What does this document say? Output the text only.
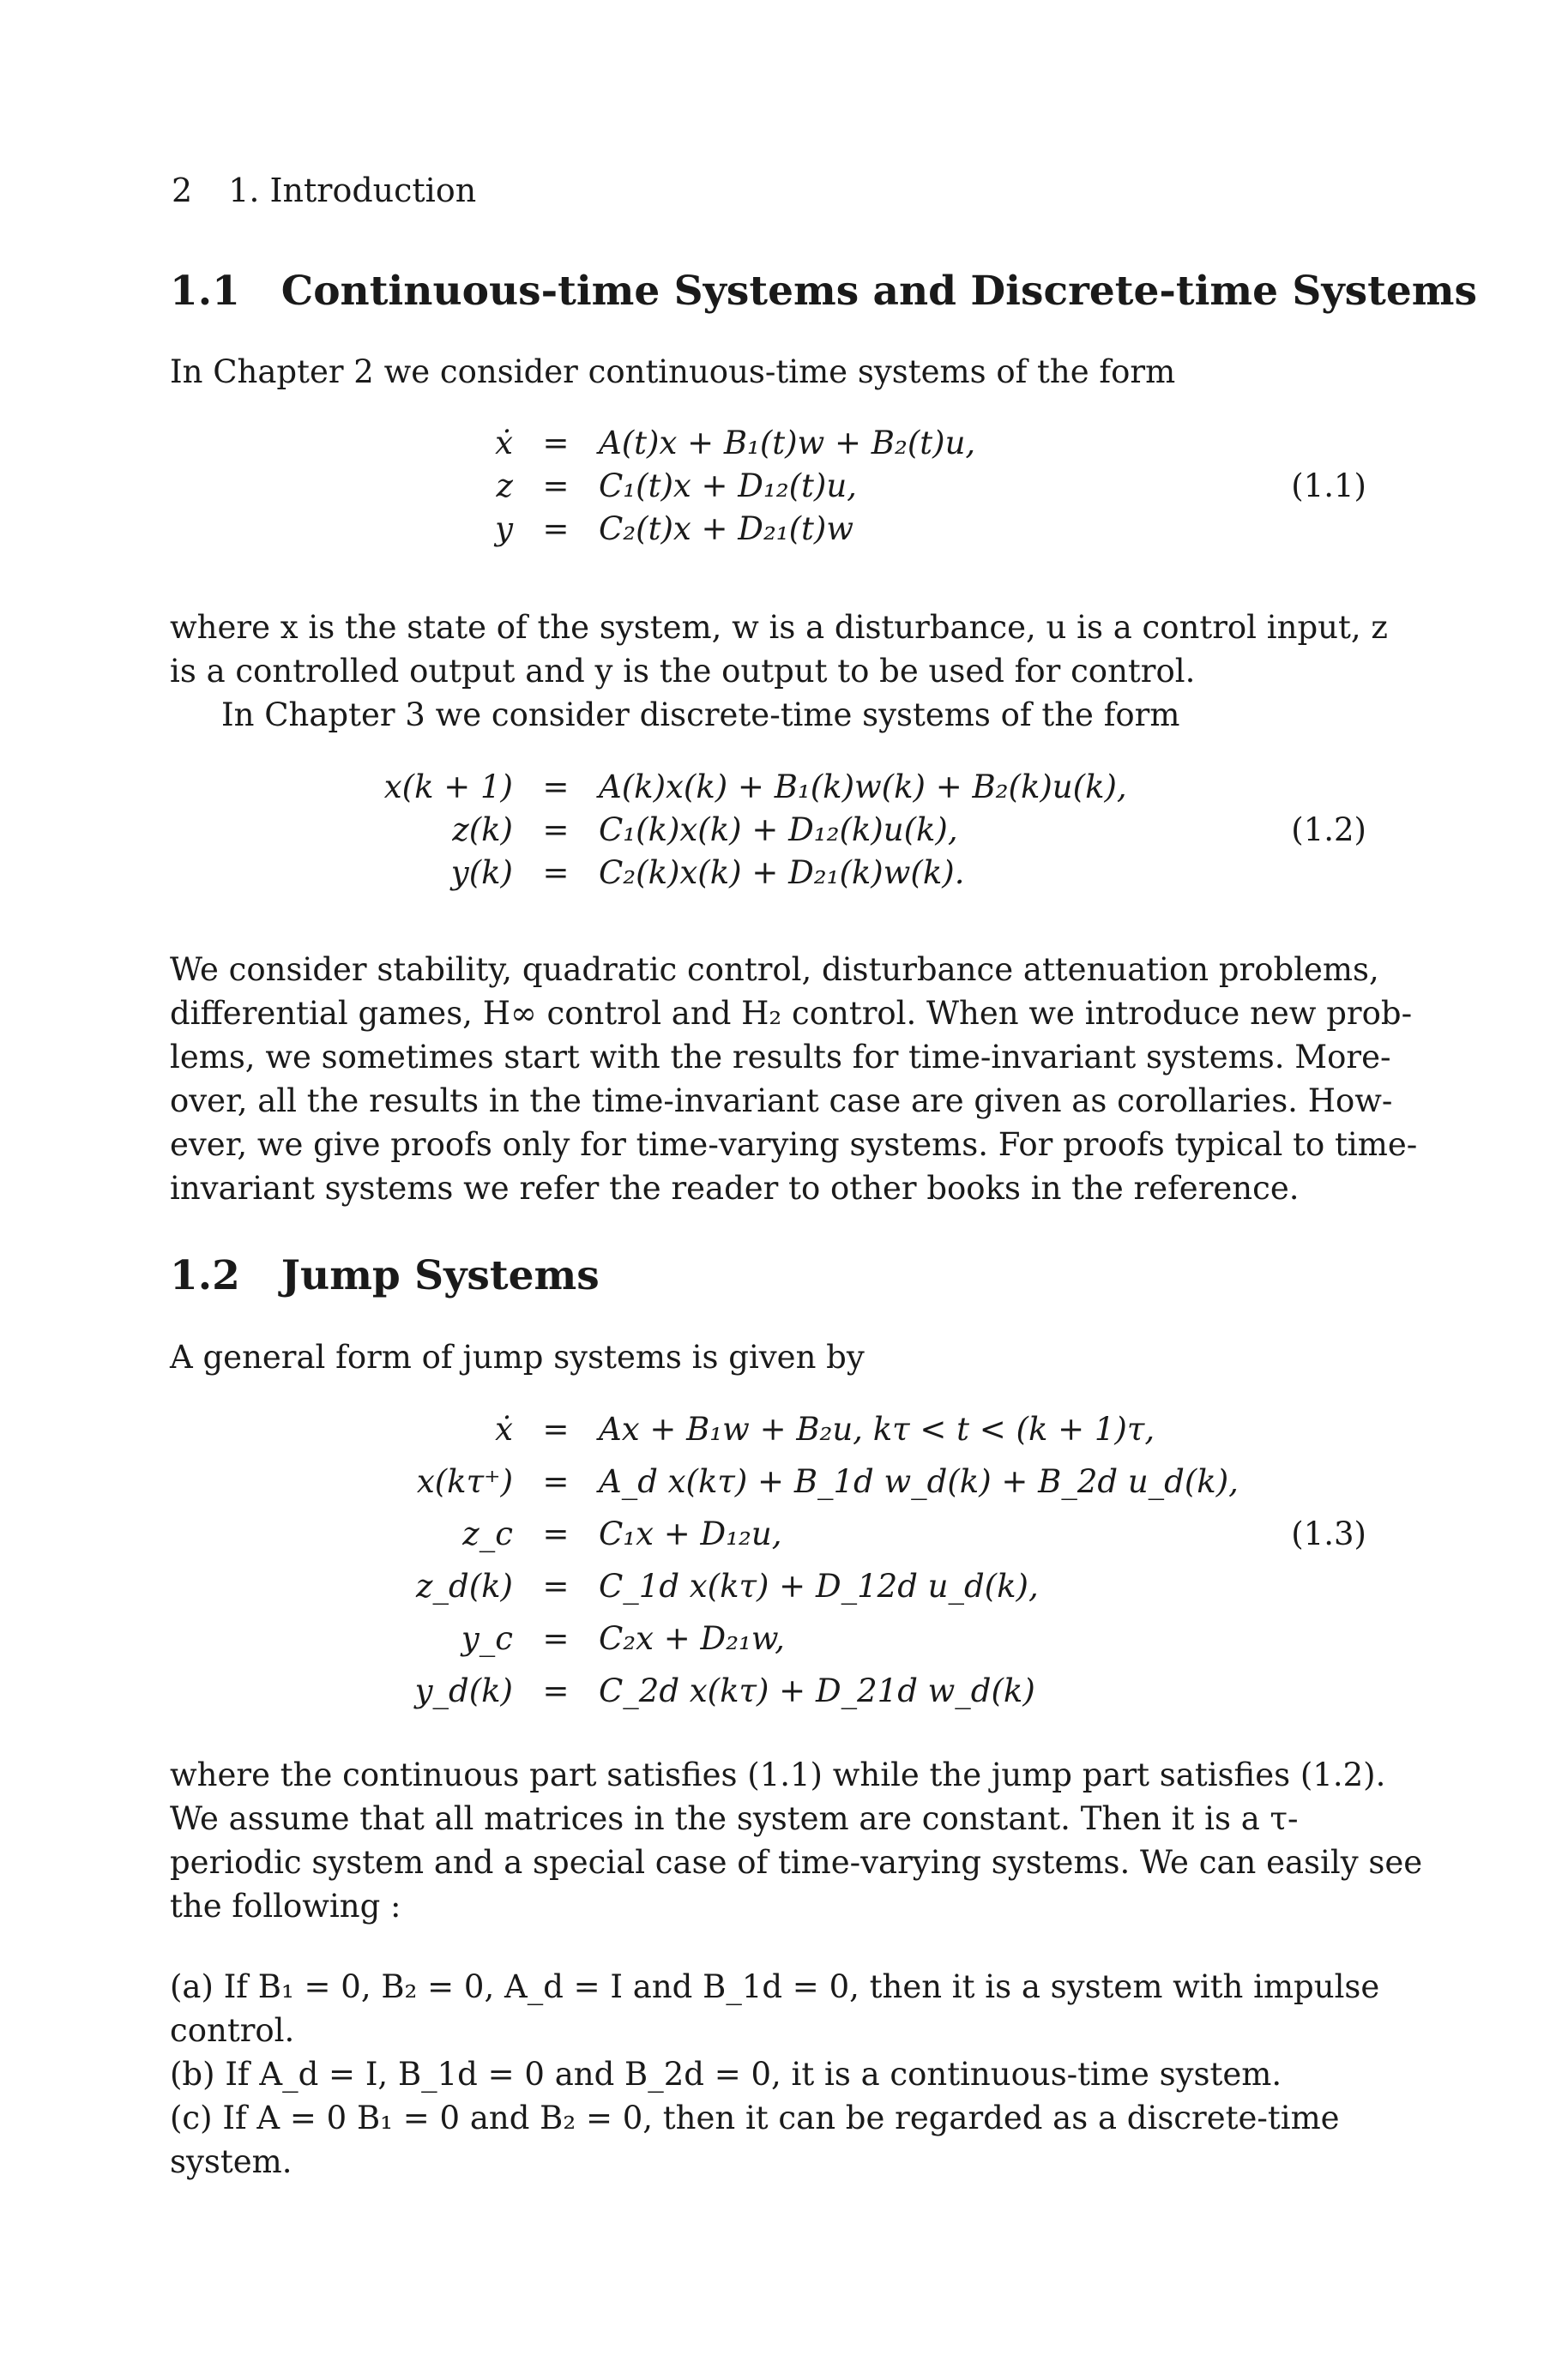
2 1. Introduction
1.1 Continuous-time Systems and Discrete-time Systems

In Chapter 2 we consider continuous-time systems of the form

ẋ = A(t)x + B₁(t)w + B₂(t)u,
z = C₁(t)x + D₁₂(t)u,	(1.1)
y = C₂(t)x + D₂₁(t)w

where x is the state of the system, w is a disturbance, u is a control input, z

is a controlled output and y is the output to be used for control.

In Chapter 3 we consider discrete-time systems of the form

x(k + 1) = A(k)x(k) + B₁(k)w(k) + B₂(k)u(k),
z(k) = C₁(k)x(k) + D₁₂(k)u(k),	(1.2)
y(k) = C₂(k)x(k) + D₂₁(k)w(k).

We consider stability, quadratic control, disturbance attenuation problems,

differential games, H∞ control and H₂ control. When we introduce new prob-

lems, we sometimes start with the results for time-invariant systems. More-

over, all the results in the time-invariant case are given as corollaries. How-

ever, we give proofs only for time-varying systems. For proofs typical to time-

invariant systems we refer the reader to other books in the reference.

1.2 Jump Systems

A general form of jump systems is given by

ẋ = Ax + B₁w + B₂u, kτ < t < (k + 1)τ,
x(kτ⁺) = A_d x(kτ) + B_1d w_d(k) + B_2d u_d(k),
z_c = C₁x + D₁₂u,	(1.3)
z_d(k) = C_1d x(kτ) + D_12d u_d(k),
y_c = C₂x + D₂₁w,
y_d(k) = C_2d x(kτ) + D_21d w_d(k)

where the continuous part satisfies (1.1) while the jump part satisfies (1.2).

We assume that all matrices in the system are constant. Then it is a τ-

periodic system and a special case of time-varying systems. We can easily see

the following :

(a) If B₁ = 0, B₂ = 0, A_d = I and B_1d = 0, then it is a system with impulse

control.

(b) If A_d = I, B_1d = 0 and B_2d = 0, it is a continuous-time system.

(c) If A = 0 B₁ = 0 and B₂ = 0, then it can be regarded as a discrete-time

system.
